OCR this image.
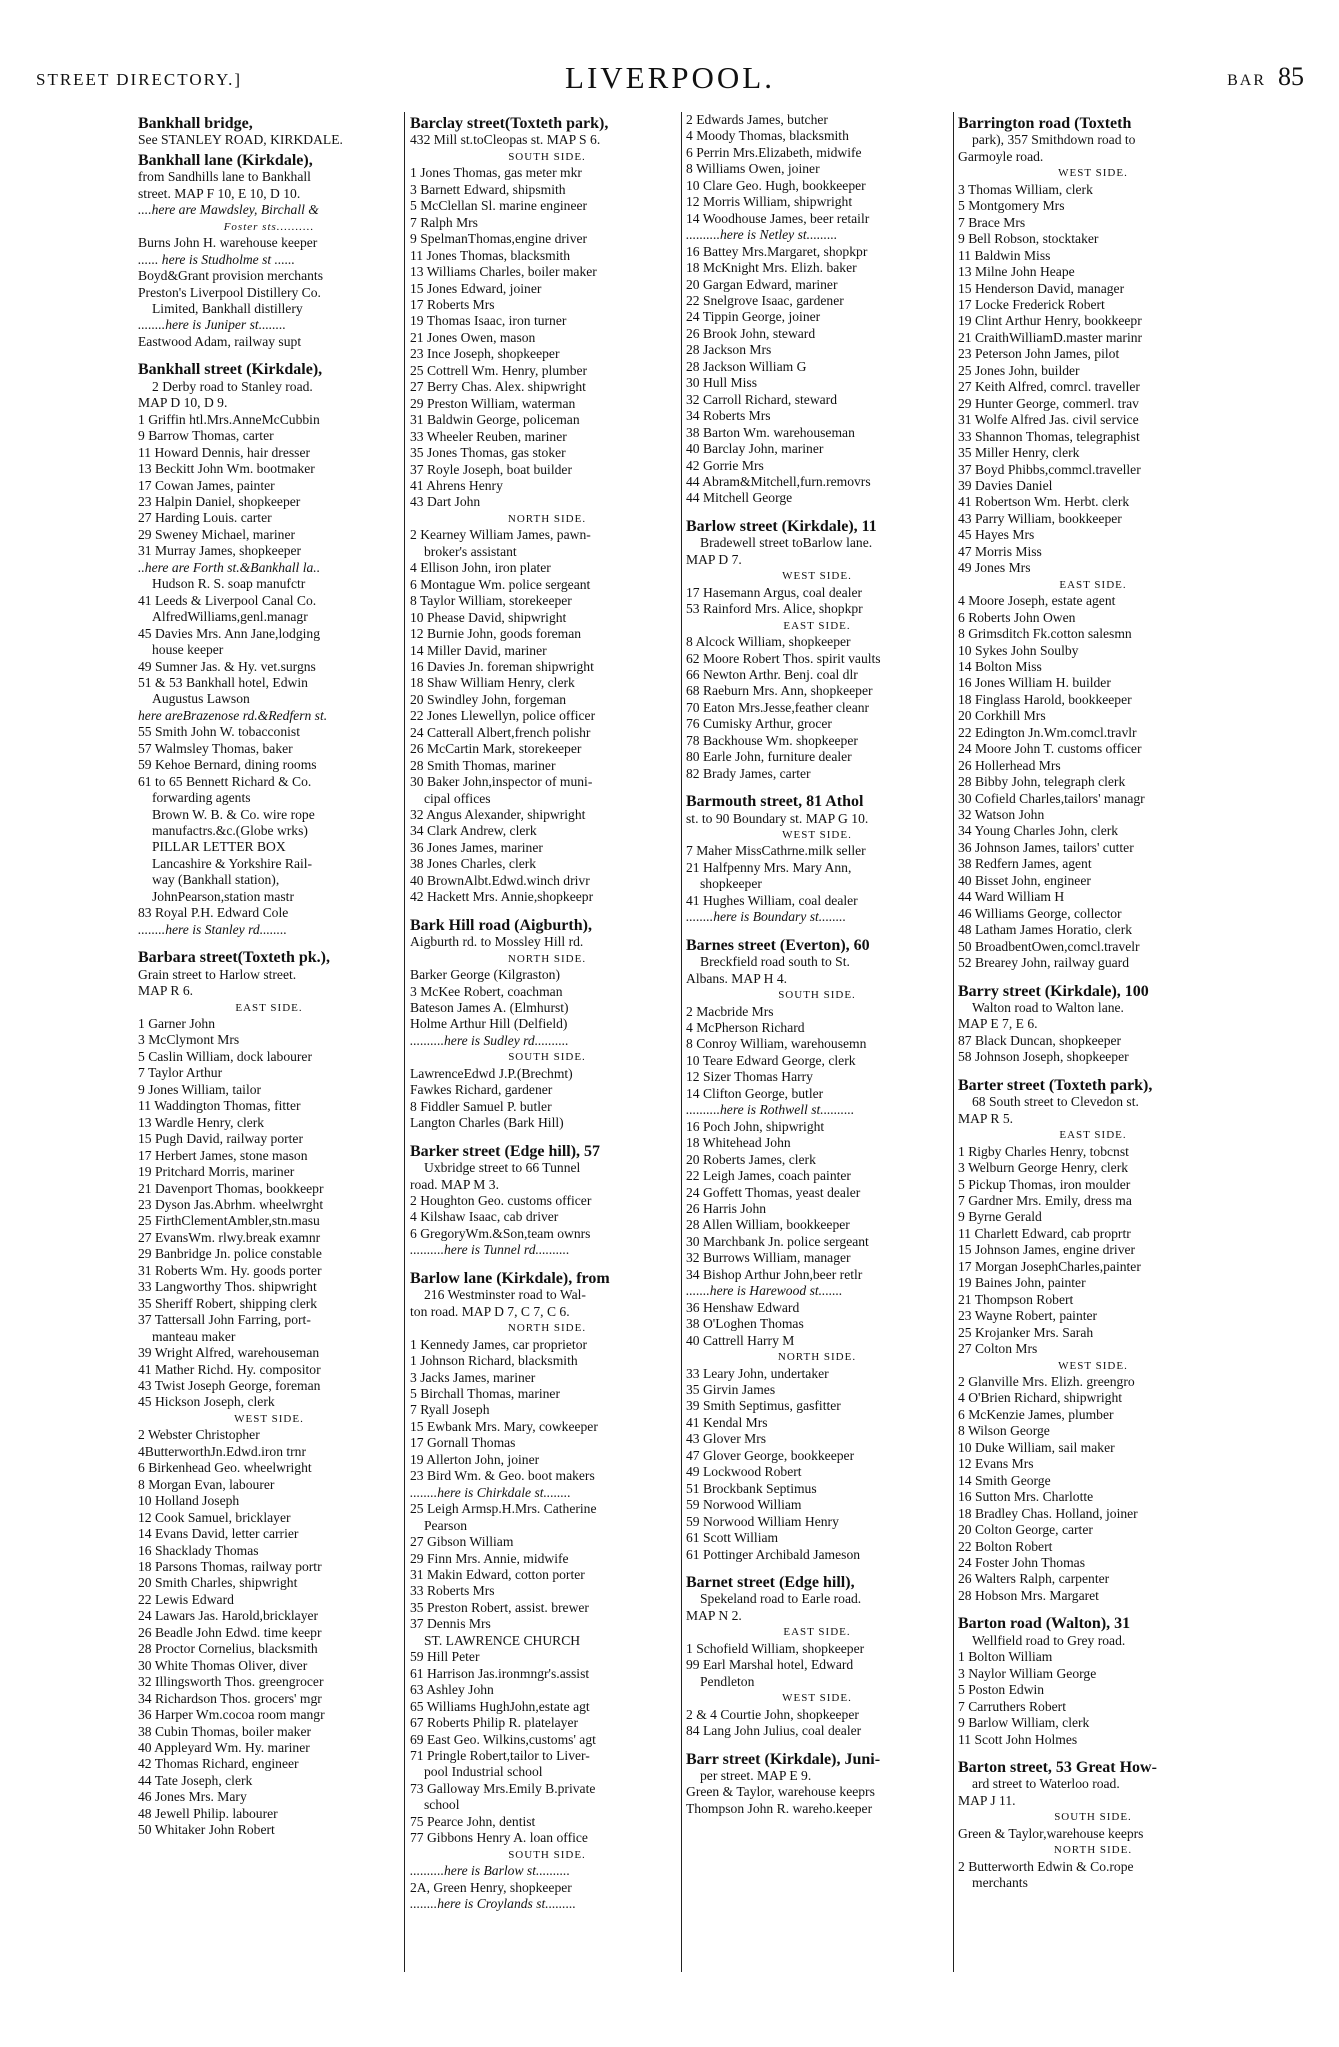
STREET DIRECTORY.]	LIVERPOOL.	BAR 85
Bankhall bridge,
See STANLEY ROAD, KIRKDALE.
Bankhall lane (Kirkdale),
from Sandhills lane to Bankhall
street. MAP F 10, E 10, D 10.
....here are Mawdsley, Birchall &
Foster sts..........
Burns John H. warehouse keeper
...... here is Studholme st ......
Boyd&Grant provision merchants
Preston's Liverpool Distillery Co.
Limited, Bankhall distillery
........here is Juniper st........
Eastwood Adam, railway supt
Bankhall street (Kirkdale),
2 Derby road to Stanley road.
MAP D 10, D 9.
1 Griffin htl.Mrs.AnneMcCubbin
9 Barrow Thomas, carter
11 Howard Dennis, hair dresser
13 Beckitt John Wm. bootmaker
17 Cowan James, painter
23 Halpin Daniel, shopkeeper
27 Harding Louis. carter
29 Sweney Michael, mariner
31 Murray James, shopkeeper
..here are Forth st.&Bankhall la..
Hudson R. S. soap manufctr
41 Leeds & Liverpool Canal Co.
AlfredWilliams,genl.managr
45 Davies Mrs. Ann Jane,lodging
house keeper
49 Sumner Jas. & Hy. vet.surgns
51 & 53 Bankhall hotel, Edwin
Augustus Lawson
here areBrazenose rd.&Redfern st.
55 Smith John W. tobacconist
57 Walmsley Thomas, baker
59 Kehoe Bernard, dining rooms
61 to 65 Bennett Richard & Co.
forwarding agents
Brown W. B. & Co. wire rope
manufactrs.&c.(Globe wrks)
PILLAR LETTER BOX
Lancashire & Yorkshire Rail-
way (Bankhall station),
JohnPearson,station mastr
83 Royal P.H. Edward Cole
........here is Stanley rd........
Barbara street(Toxteth pk.),
Grain street to Harlow street.
MAP R 6.
EAST SIDE.
1 Garner John
3 McClymont Mrs
5 Caslin William, dock labourer
7 Taylor Arthur
9 Jones William, tailor
11 Waddington Thomas, fitter
13 Wardle Henry, clerk
15 Pugh David, railway porter
17 Herbert James, stone mason
19 Pritchard Morris, mariner
21 Davenport Thomas, bookkeepr
23 Dyson Jas.Abrhm. wheelwrght
25 FirthClementAmbler,stn.masu
27 EvansWm. rlwy.break examnr
29 Banbridge Jn. police constable
31 Roberts Wm. Hy. goods porter
33 Langworthy Thos. shipwright
35 Sheriff Robert, shipping clerk
37 Tattersall John Farring, port-
manteau maker
39 Wright Alfred, warehouseman
41 Mather Richd. Hy. compositor
43 Twist Joseph George, foreman
45 Hickson Joseph, clerk
WEST SIDE.
2 Webster Christopher
4ButterworthJn.Edwd.iron trnr
6 Birkenhead Geo. wheelwright
8 Morgan Evan, labourer
10 Holland Joseph
12 Cook Samuel, bricklayer
14 Evans David, letter carrier
16 Shacklady Thomas
18 Parsons Thomas, railway portr
20 Smith Charles, shipwright
22 Lewis Edward
24 Lawars Jas. Harold,bricklayer
26 Beadle John Edwd. time keepr
28 Proctor Cornelius, blacksmith
30 White Thomas Oliver, diver
32 Illingsworth Thos. greengrocer
34 Richardson Thos. grocers' mgr
36 Harper Wm.cocoa room mangr
38 Cubin Thomas, boiler maker
40 Appleyard Wm. Hy. mariner
42 Thomas Richard, engineer
44 Tate Joseph, clerk
46 Jones Mrs. Mary
48 Jewell Philip. labourer
50 Whitaker John Robert
Barclay street(Toxteth park),
432 Mill st.toCleopas st. MAP S 6.
SOUTH SIDE.
1 Jones Thomas, gas meter mkr
3 Barnett Edward, shipsmith
5 McClellan Sl. marine engineer
7 Ralph Mrs
9 SpelmanThomas,engine driver
11 Jones Thomas, blacksmith
13 Williams Charles, boiler maker
15 Jones Edward, joiner
17 Roberts Mrs
19 Thomas Isaac, iron turner
21 Jones Owen, mason
23 Ince Joseph, shopkeeper
25 Cottrell Wm. Henry, plumber
27 Berry Chas. Alex. shipwright
29 Preston William, waterman
31 Baldwin George, policeman
33 Wheeler Reuben, mariner
35 Jones Thomas, gas stoker
37 Royle Joseph, boat builder
41 Ahrens Henry
43 Dart John
NORTH SIDE.
2 Kearney William James, pawn-
broker's assistant
4 Ellison John, iron plater
6 Montague Wm. police sergeant
8 Taylor William, storekeeper
10 Phease David, shipwright
12 Burnie John, goods foreman
14 Miller David, mariner
16 Davies Jn. foreman shipwright
18 Shaw William Henry, clerk
20 Swindley John, forgeman
22 Jones Llewellyn, police officer
24 Catterall Albert,french polishr
26 McCartin Mark, storekeeper
28 Smith Thomas, mariner
30 Baker John,inspector of muni-
cipal offices
32 Angus Alexander, shipwright
34 Clark Andrew, clerk
36 Jones James, mariner
38 Jones Charles, clerk
40 BrownAlbt.Edwd.winch drivr
42 Hackett Mrs. Annie,shopkeepr
Bark Hill road (Aigburth),
Aigburth rd. to Mossley Hill rd.
NORTH SIDE.
Barker George (Kilgraston)
3 McKee Robert, coachman
Bateson James A. (Elmhurst)
Holme Arthur Hill (Delfield)
..........here is Sudley rd..........
SOUTH SIDE.
LawrenceEdwd J.P.(Brechmt)
Fawkes Richard, gardener
8 Fiddler Samuel P. butler
Langton Charles (Bark Hill)
Barker street (Edge hill), 57
Uxbridge street to 66 Tunnel
road. MAP M 3.
2 Houghton Geo. customs officer
4 Kilshaw Isaac, cab driver
6 GregoryWm.&Son,team ownrs
..........here is Tunnel rd..........
Barlow lane (Kirkdale), from
216 Westminster road to Wal-
ton road. MAP D 7, C 7, C 6.
NORTH SIDE.
1 Kennedy James, car proprietor
1 Johnson Richard, blacksmith
3 Jacks James, mariner
5 Birchall Thomas, mariner
7 Ryall Joseph
15 Ewbank Mrs. Mary, cowkeeper
17 Gornall Thomas
19 Allerton John, joiner
23 Bird Wm. & Geo. boot makers
........here is Chirkdale st........
25 Leigh Armsp.H.Mrs. Catherine
Pearson
27 Gibson William
29 Finn Mrs. Annie, midwife
31 Makin Edward, cotton porter
33 Roberts Mrs
35 Preston Robert, assist. brewer
37 Dennis Mrs
ST. LAWRENCE CHURCH
59 Hill Peter
61 Harrison Jas.ironmngr's.assist
63 Ashley John
65 Williams HughJohn,estate agt
67 Roberts Philip R. platelayer
69 East Geo. Wilkins,customs' agt
71 Pringle Robert,tailor to Liver-
pool Industrial school
73 Galloway Mrs.Emily B.private
school
75 Pearce John, dentist
77 Gibbons Henry A. loan office
SOUTH SIDE.
..........here is Barlow st..........
2A, Green Henry, shopkeeper
........here is Croylands st.........
2 Edwards James, butcher
4 Moody Thomas, blacksmith
6 Perrin Mrs.Elizabeth, midwife
8 Williams Owen, joiner
10 Clare Geo. Hugh, bookkeeper
12 Morris William, shipwright
14 Woodhouse James, beer retailr
..........here is Netley st.........
16 Battey Mrs.Margaret, shopkpr
18 McKnight Mrs. Elizh. baker
20 Gargan Edward, mariner
22 Snelgrove Isaac, gardener
24 Tippin George, joiner
26 Brook John, steward
28 Jackson Mrs
28 Jackson William G
30 Hull Miss
32 Carroll Richard, steward
34 Roberts Mrs
38 Barton Wm. warehouseman
40 Barclay John, mariner
42 Gorrie Mrs
44 Abram&Mitchell,furn.removrs
44 Mitchell George
Barlow street (Kirkdale), 11
Bradewell street toBarlow lane.
MAP D 7.
WEST SIDE.
17 Hasemann Argus, coal dealer
53 Rainford Mrs. Alice, shopkpr
EAST SIDE.
8 Alcock William, shopkeeper
62 Moore Robert Thos. spirit vaults
66 Newton Arthr. Benj. coal dlr
68 Raeburn Mrs. Ann, shopkeeper
70 Eaton Mrs.Jesse,feather cleanr
76 Cumisky Arthur, grocer
78 Backhouse Wm. shopkeeper
80 Earle John, furniture dealer
82 Brady James, carter
Barmouth street, 81 Athol
st. to 90 Boundary st. MAP G 10.
WEST SIDE.
7 Maher MissCathrne.milk seller
21 Halfpenny Mrs. Mary Ann,
shopkeeper
41 Hughes William, coal dealer
........here is Boundary st........
Barnes street (Everton), 60
Breckfield road south to St.
Albans. MAP H 4.
SOUTH SIDE.
2 Macbride Mrs
4 McPherson Richard
8 Conroy William, warehousemn
10 Teare Edward George, clerk
12 Sizer Thomas Harry
14 Clifton George, butler
..........here is Rothwell st..........
16 Poch John, shipwright
18 Whitehead John
20 Roberts James, clerk
22 Leigh James, coach painter
24 Goffett Thomas, yeast dealer
26 Harris John
28 Allen William, bookkeeper
30 Marchbank Jn. police sergeant
32 Burrows William, manager
34 Bishop Arthur John,beer retlr
.......here is Harewood st.......
36 Henshaw Edward
38 O'Loghen Thomas
40 Cattrell Harry M
NORTH SIDE.
33 Leary John, undertaker
35 Girvin James
39 Smith Septimus, gasfitter
41 Kendal Mrs
43 Glover Mrs
47 Glover George, bookkeeper
49 Lockwood Robert
51 Brockbank Septimus
59 Norwood William
59 Norwood William Henry
61 Scott William
61 Pottinger Archibald Jameson
Barnet street (Edge hill),
Spekeland road to Earle road.
MAP N 2.
EAST SIDE.
1 Schofield William, shopkeeper
99 Earl Marshal hotel, Edward
Pendleton
WEST SIDE.
2 & 4 Courtie John, shopkeeper
84 Lang John Julius, coal dealer
Barr street (Kirkdale), Juni-
per street. MAP E 9.
Green & Taylor, warehouse keeprs
Thompson John R. wareho.keeper
Barrington road (Toxteth
park), 357 Smithdown road to
Garmoyle road.
WEST SIDE.
3 Thomas William, clerk
5 Montgomery Mrs
7 Brace Mrs
9 Bell Robson, stocktaker
11 Baldwin Miss
13 Milne John Heape
15 Henderson David, manager
17 Locke Frederick Robert
19 Clint Arthur Henry, bookkeepr
21 CraithWilliamD.master marinr
23 Peterson John James, pilot
25 Jones John, builder
27 Keith Alfred, comrcl. traveller
29 Hunter George, commerl. trav
31 Wolfe Alfred Jas. civil service
33 Shannon Thomas, telegraphist
35 Miller Henry, clerk
37 Boyd Phibbs,commcl.traveller
39 Davies Daniel
41 Robertson Wm. Herbt. clerk
43 Parry William, bookkeeper
45 Hayes Mrs
47 Morris Miss
49 Jones Mrs
EAST SIDE.
4 Moore Joseph, estate agent
6 Roberts John Owen
8 Grimsditch Fk.cotton salesmn
10 Sykes John Soulby
14 Bolton Miss
16 Jones William H. builder
18 Finglass Harold, bookkeeper
20 Corkhill Mrs
22 Edington Jn.Wm.comcl.travlr
24 Moore John T. customs officer
26 Hollerhead Mrs
28 Bibby John, telegraph clerk
30 Cofield Charles,tailors' managr
32 Watson John
34 Young Charles John, clerk
36 Johnson James, tailors' cutter
38 Redfern James, agent
40 Bisset John, engineer
44 Ward William H
46 Williams George, collector
48 Latham James Horatio, clerk
50 BroadbentOwen,comcl.travelr
52 Brearey John, railway guard
Barry street (Kirkdale), 100
Walton road to Walton lane.
MAP E 7, E 6.
87 Black Duncan, shopkeeper
58 Johnson Joseph, shopkeeper
Barter street (Toxteth park),
68 South street to Clevedon st.
MAP R 5.
EAST SIDE.
1 Rigby Charles Henry, tobcnst
3 Welburn George Henry, clerk
5 Pickup Thomas, iron moulder
7 Gardner Mrs. Emily, dress ma
9 Byrne Gerald
11 Charlett Edward, cab proprtr
15 Johnson James, engine driver
17 Morgan JosephCharles,painter
19 Baines John, painter
21 Thompson Robert
23 Wayne Robert, painter
25 Krojanker Mrs. Sarah
27 Colton Mrs
WEST SIDE.
2 Glanville Mrs. Elizh. greengro
4 O'Brien Richard, shipwright
6 McKenzie James, plumber
8 Wilson George
10 Duke William, sail maker
12 Evans Mrs
14 Smith George
16 Sutton Mrs. Charlotte
18 Bradley Chas. Holland, joiner
20 Colton George, carter
22 Bolton Robert
24 Foster John Thomas
26 Walters Ralph, carpenter
28 Hobson Mrs. Margaret
Barton road (Walton), 31
Wellfield road to Grey road.
1 Bolton William
3 Naylor William George
5 Poston Edwin
7 Carruthers Robert
9 Barlow William, clerk
11 Scott John Holmes
Barton street, 53 Great How-
ard street to Waterloo road.
MAP J 11.
SOUTH SIDE.
Green & Taylor,warehouse keeprs
NORTH SIDE.
2 Butterworth Edwin & Co.rope
merchants
